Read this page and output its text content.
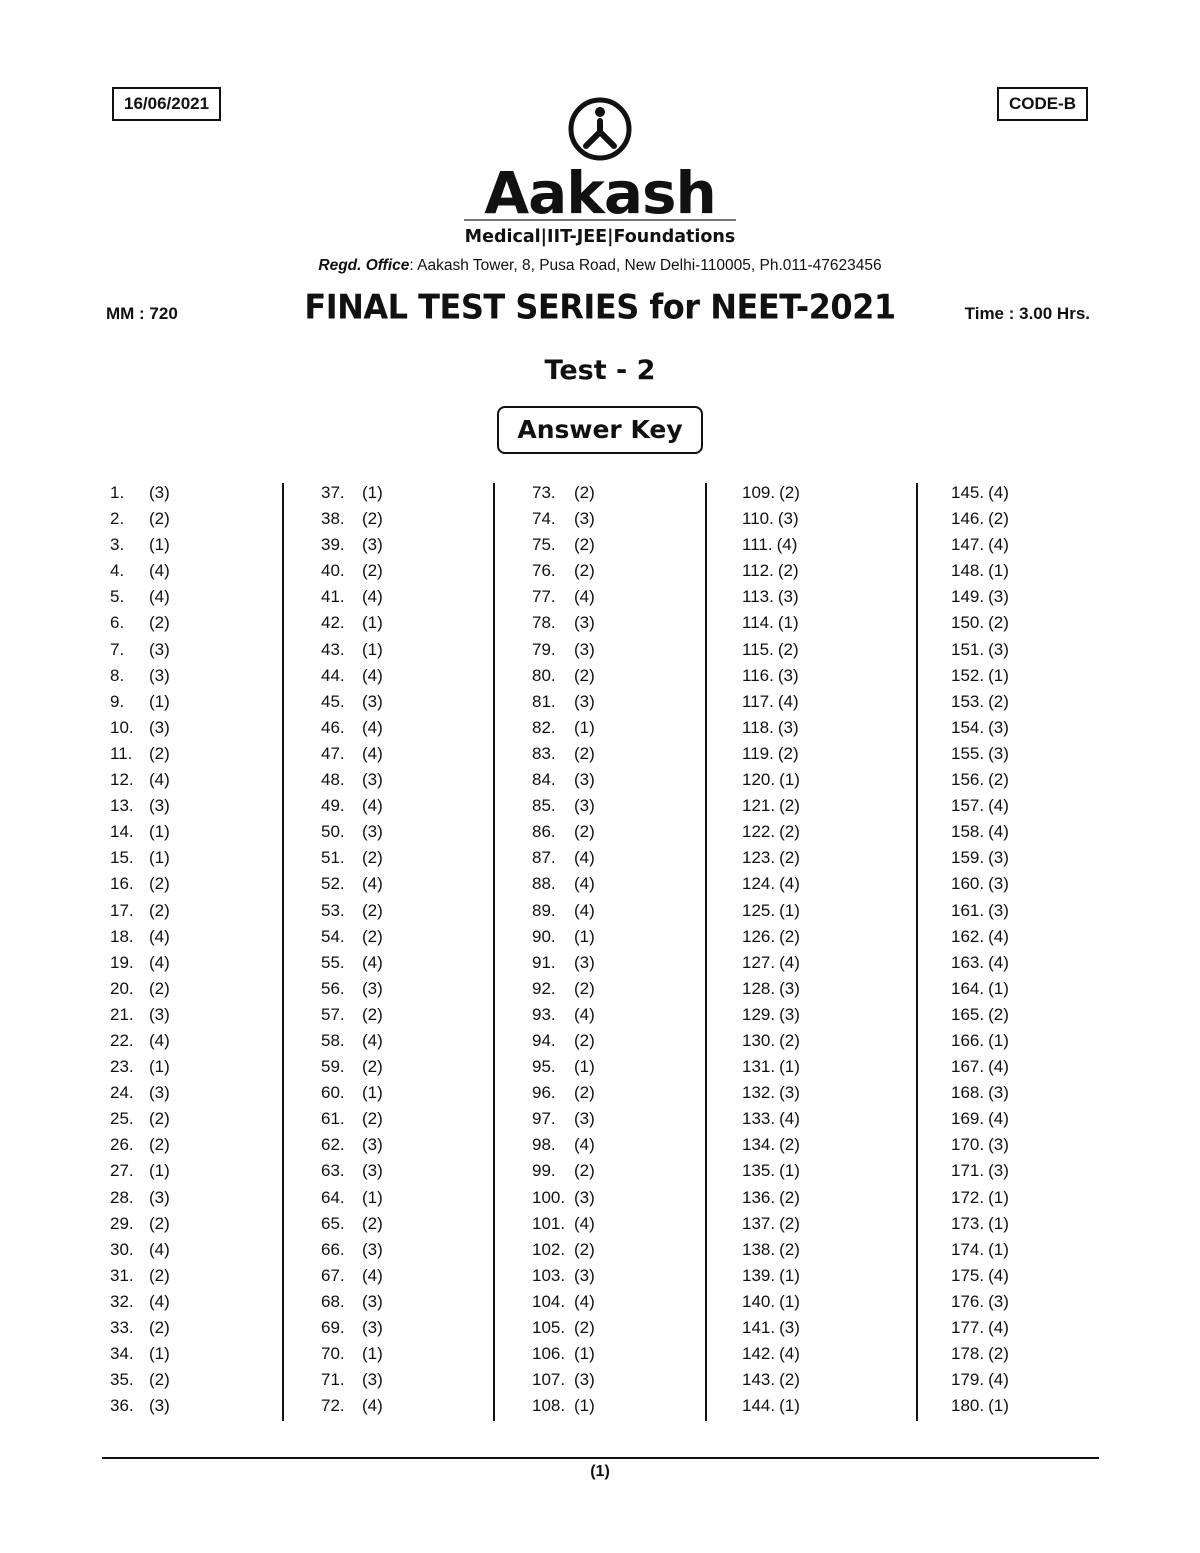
16/06/2021	CODE-B
Aakash
Medical|IIT-JEE|Foundations
Regd. Office: Aakash Tower, 8, Pusa Road, New Delhi-110005, Ph.011-47623456
MM : 720	FINAL TEST SERIES for NEET-2021	Time : 3.00 Hrs.
Test - 2
Answer Key
1. (3)
2. (2)
3. (1)
4. (4)
5. (4)
6. (2)
7. (3)
8. (3)
9. (1)
10. (3)
11. (2)
12. (4)
13. (3)
14. (1)
15. (1)
16. (2)
17. (2)
18. (4)
19. (4)
20. (2)
21. (3)
22. (4)
23. (1)
24. (3)
25. (2)
26. (2)
27. (1)
28. (3)
29. (2)
30. (4)
31. (2)
32. (4)
33. (2)
34. (1)
35. (2)
36. (3)
37. (1)
38. (2)
39. (3)
40. (2)
41. (4)
42. (1)
43. (1)
44. (4)
45. (3)
46. (4)
47. (4)
48. (3)
49. (4)
50. (3)
51. (2)
52. (4)
53. (2)
54. (2)
55. (4)
56. (3)
57. (2)
58. (4)
59. (2)
60. (1)
61. (2)
62. (3)
63. (3)
64. (1)
65. (2)
66. (3)
67. (4)
68. (3)
69. (3)
70. (1)
71. (3)
72. (4)
73. (2)
74. (3)
75. (2)
76. (2)
77. (4)
78. (3)
79. (3)
80. (2)
81. (3)
82. (1)
83. (2)
84. (3)
85. (3)
86. (2)
87. (4)
88. (4)
89. (4)
90. (1)
91. (3)
92. (2)
93. (4)
94. (2)
95. (1)
96. (2)
97. (3)
98. (4)
99. (2)
100. (3)
101. (4)
102. (2)
103. (3)
104. (4)
105. (2)
106. (1)
107. (3)
108. (1)
109. (2)
110. (3)
111. (4)
112. (2)
113. (3)
114. (1)
115. (2)
116. (3)
117. (4)
118. (3)
119. (2)
120. (1)
121. (2)
122. (2)
123. (2)
124. (4)
125. (1)
126. (2)
127. (4)
128. (3)
129. (3)
130. (2)
131. (1)
132. (3)
133. (4)
134. (2)
135. (1)
136. (2)
137. (2)
138. (2)
139. (1)
140. (1)
141. (3)
142. (4)
143. (2)
144. (1)
145. (4)
146. (2)
147. (4)
148. (1)
149. (3)
150. (2)
151. (3)
152. (1)
153. (2)
154. (3)
155. (3)
156. (2)
157. (4)
158. (4)
159. (3)
160. (3)
161. (3)
162. (4)
163. (4)
164. (1)
165. (2)
166. (1)
167. (4)
168. (3)
169. (4)
170. (3)
171. (3)
172. (1)
173. (1)
174. (1)
175. (4)
176. (3)
177. (4)
178. (2)
179. (4)
180. (1)
(1)
